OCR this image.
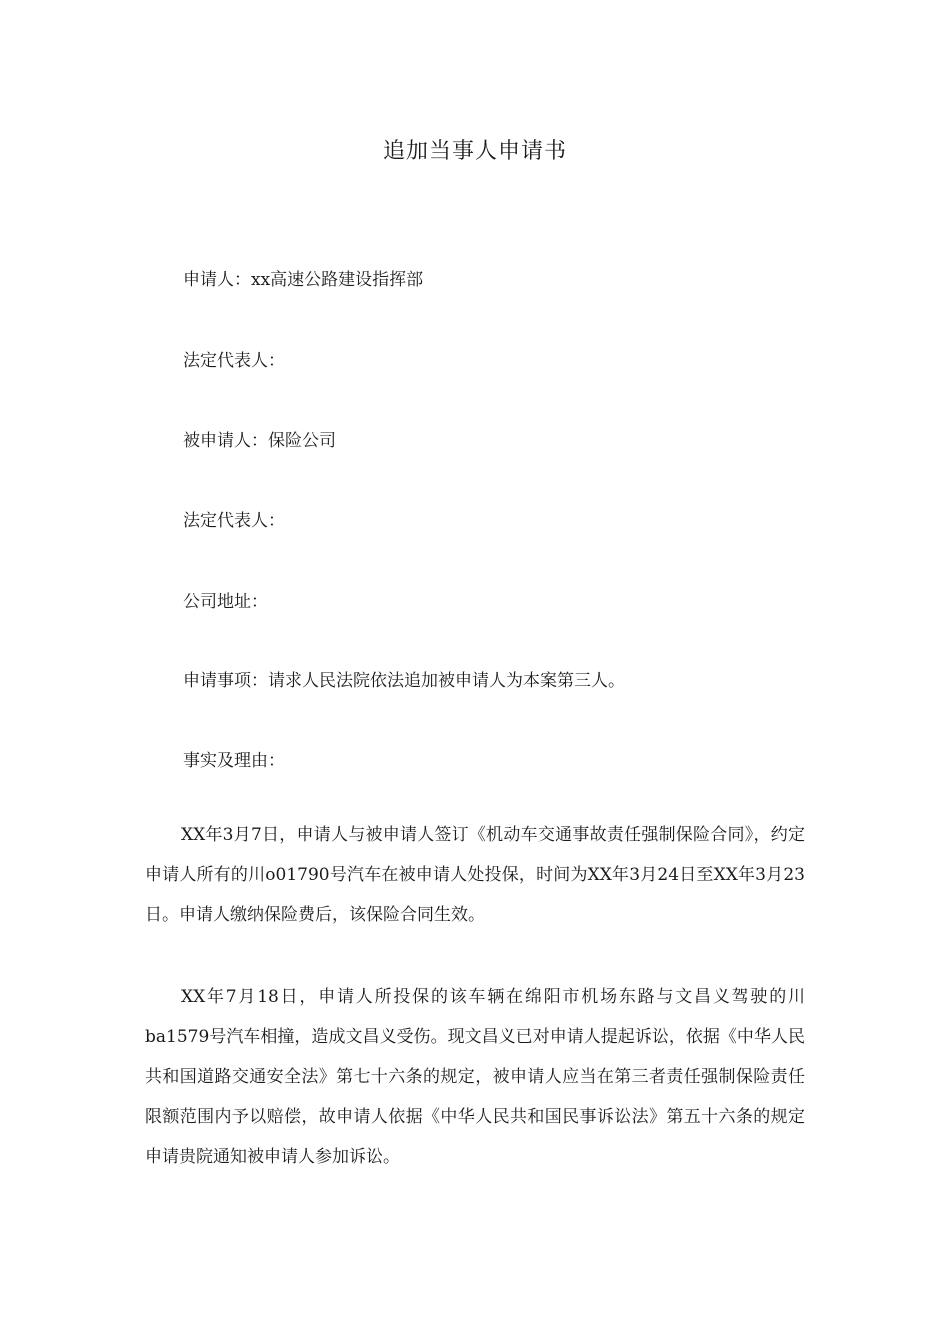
追加当事人申请书
申请人：xx高速公路建设指挥部
法定代表人：
被申请人：保险公司
法定代表人：
公司地址：
申请事项：请求人民法院依法追加被申请人为本案第三人。
事实及理由：
XX年3月7日，申请人与被申请人签订《机动车交通事故责任强制保险合同》，约定申请人所有的川o01790号汽车在被申请人处投保，时间为XX年3月24日至XX年3月23日。申请人缴纳保险费后，该保险合同生效。
XX年7月18日，申请人所投保的该车辆在绵阳市机场东路与文昌义驾驶的川ba1579号汽车相撞，造成文昌义受伤。现文昌义已对申请人提起诉讼，依据《中华人民共和国道路交通安全法》第七十六条的规定，被申请人应当在第三者责任强制保险责任限额范围内予以赔偿，故申请人依据《中华人民共和国民事诉讼法》第五十六条的规定申请贵院通知被申请人参加诉讼。
